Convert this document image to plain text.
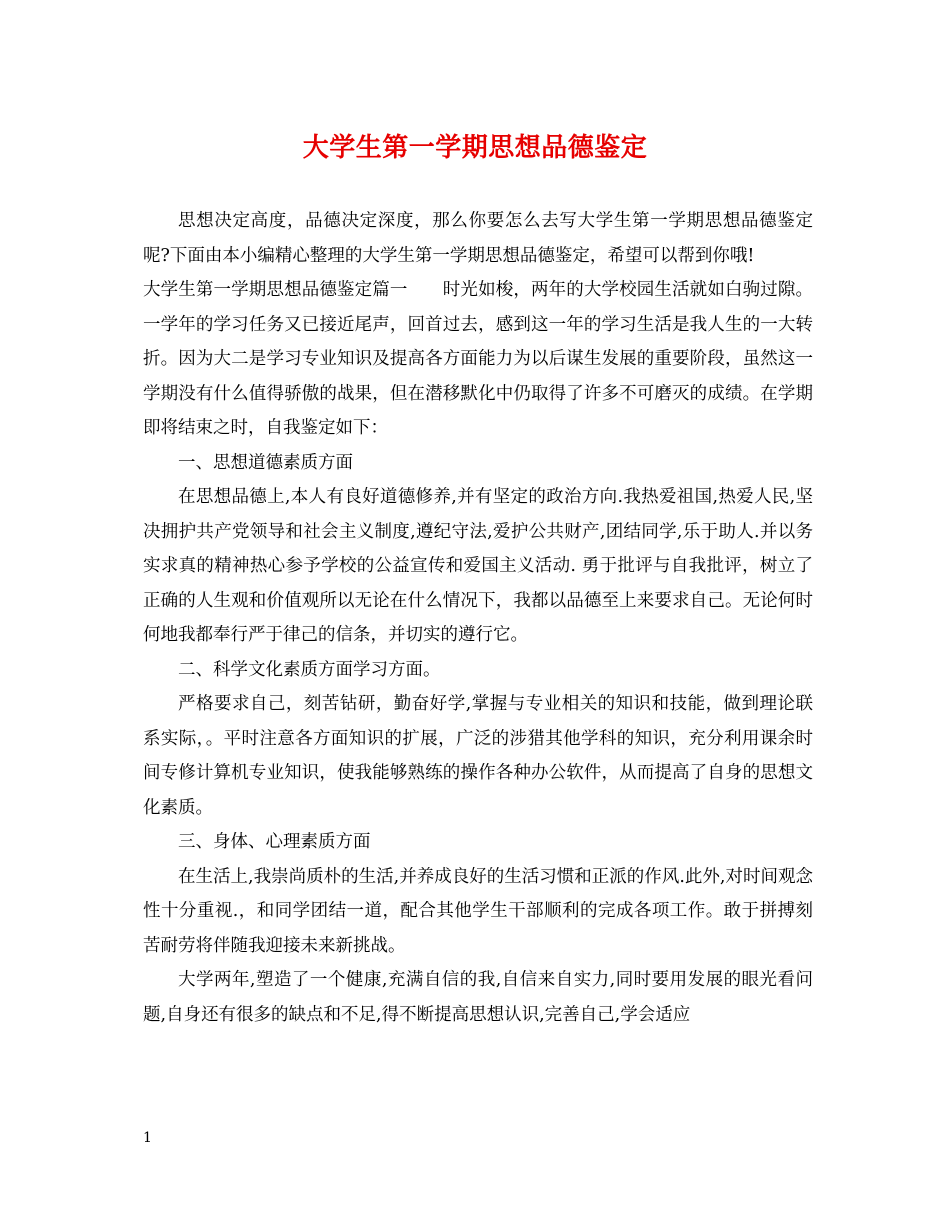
大学生第一学期思想品德鉴定

思想决定高度，品德决定深度，那么你要怎么去写大学生第一学期思想品德鉴定呢?下面由本小编精心整理的大学生第一学期思想品德鉴定，希望可以帮到你哦!

大学生第一学期思想品德鉴定篇一　　时光如梭，两年的大学校园生活就如白驹过隙。一学年的学习任务又已接近尾声，回首过去，感到这一年的学习生活是我人生的一大转折。因为大二是学习专业知识及提高各方面能力为以后谋生发展的重要阶段，虽然这一学期没有什么值得骄傲的战果，但在潜移默化中仍取得了许多不可磨灭的成绩。在学期即将结束之时，自我鉴定如下：

一、思想道德素质方面

在思想品德上,本人有良好道德修养,并有坚定的政治方向.我热爱祖国,热爱人民,坚决拥护共产党领导和社会主义制度,遵纪守法,爱护公共财产,团结同学,乐于助人.并以务实求真的精神热心参予学校的公益宣传和爱国主义活动. 勇于批评与自我批评，树立了正确的人生观和价值观所以无论在什么情况下，我都以品德至上来要求自己。无论何时何地我都奉行严于律己的信条，并切实的遵行它。

二、科学文化素质方面学习方面。

严格要求自己，刻苦钻研，勤奋好学,掌握与专业相关的知识和技能，做到理论联系实际，。平时注意各方面知识的扩展，广泛的涉猎其他学科的知识，充分利用课余时间专修计算机专业知识，使我能够熟练的操作各种办公软件，从而提高了自身的思想文化素质。

三、身体、心理素质方面

在生活上,我崇尚质朴的生活,并养成良好的生活习惯和正派的作风.此外,对时间观念性十分重视.，和同学团结一道，配合其他学生干部顺利的完成各项工作。敢于拼搏刻苦耐劳将伴随我迎接未来新挑战。

大学两年,塑造了一个健康,充满自信的我,自信来自实力,同时要用发展的眼光看问题,自身还有很多的缺点和不足,得不断提高思想认识,完善自己,学会适应

1
